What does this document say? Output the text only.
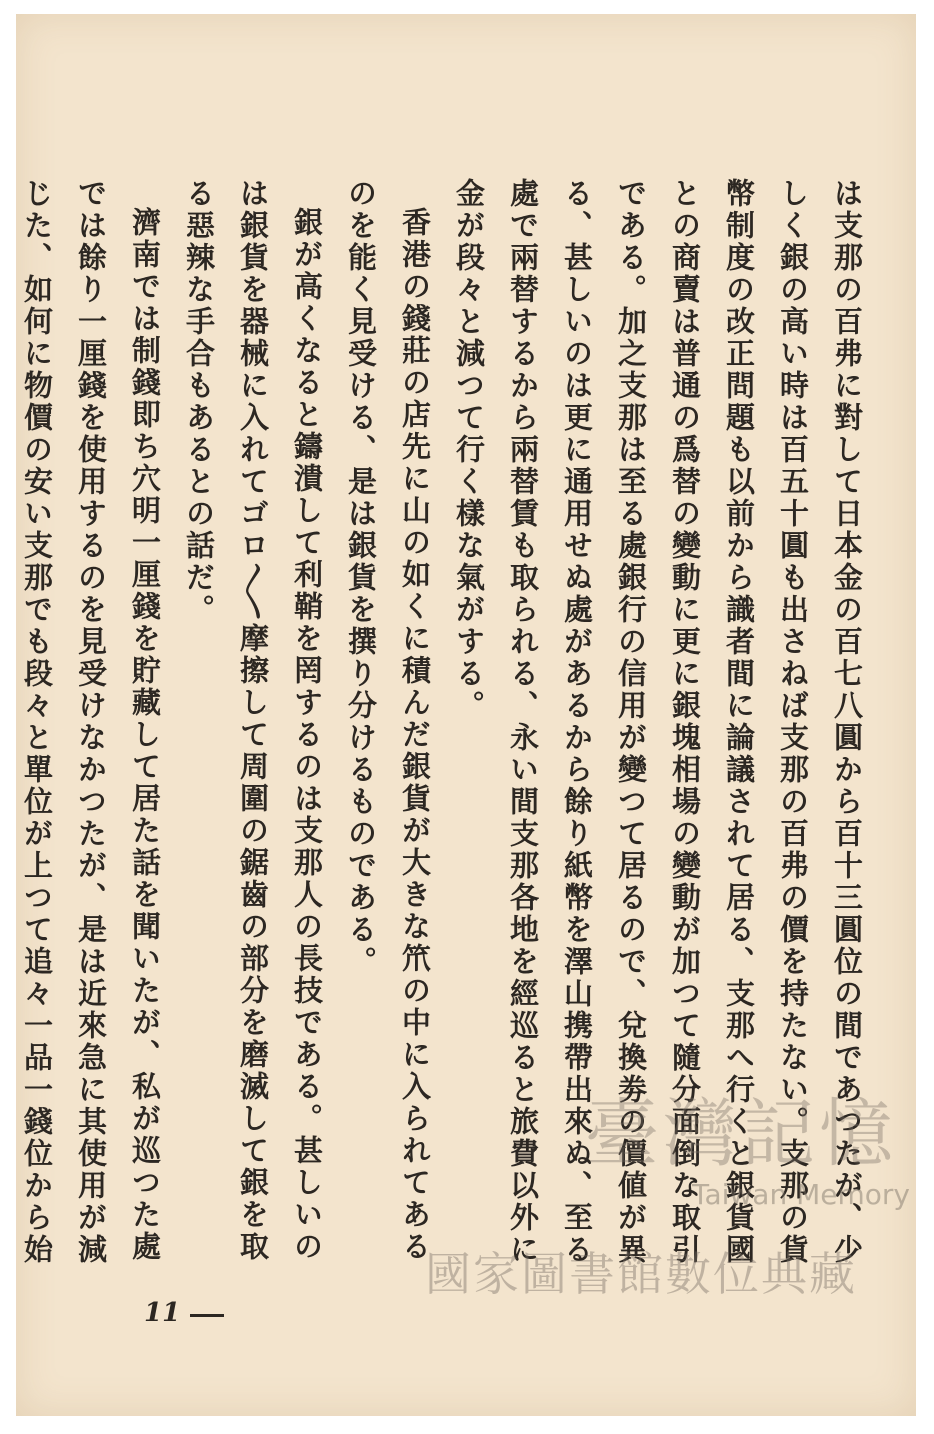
は支那の百弗に對して日本金の百七八圓から百十三圓位の間であつたが、少しく銀の高い時は百五十圓も出さねば支那の百弗の價を持たない。支那の貨幣制度の改正問題も以前から識者間に論議されて居る、支那へ行くと銀貨國との商賣は普通の爲替の變動に更に銀塊相場の變動が加つて隨分面倒な取引である。加之支那は至る處銀行の信用が變つて居るので、兌換劵の價値が異る、甚しいのは更に通用せぬ處があるから餘り紙幣を澤山携帶出來ぬ、至る處で兩替するから兩替賃も取られる、永い間支那各地を經巡ると旅費以外に金が段々と減つて行く樣な氣がする。

香港の錢莊の店先に山の如くに積んだ銀貨が大きな笊の中に入られてあるのを能く見受ける、是は銀貨を撰り分けるものである。

銀が高くなると鑄潰して利鞘を罔するのは支那人の長技である。甚しいのは銀貨を器械に入れてゴロ〳〵摩擦して周圍の鋸齒の部分を磨滅して銀を取る惡辣な手合もあるとの話だ。

濟南では制錢即ち穴明一厘錢を貯藏して居た話を聞いたが、私が巡つた處では餘り一厘錢を使用するのを見受けなかつたが、是は近來急に其使用が減じた、如何に物價の安い支那でも段々と單位が上つて追々一品一錢位から始

11
臺灣記憶
Taiwan Memory
國家圖書館數位典藏
